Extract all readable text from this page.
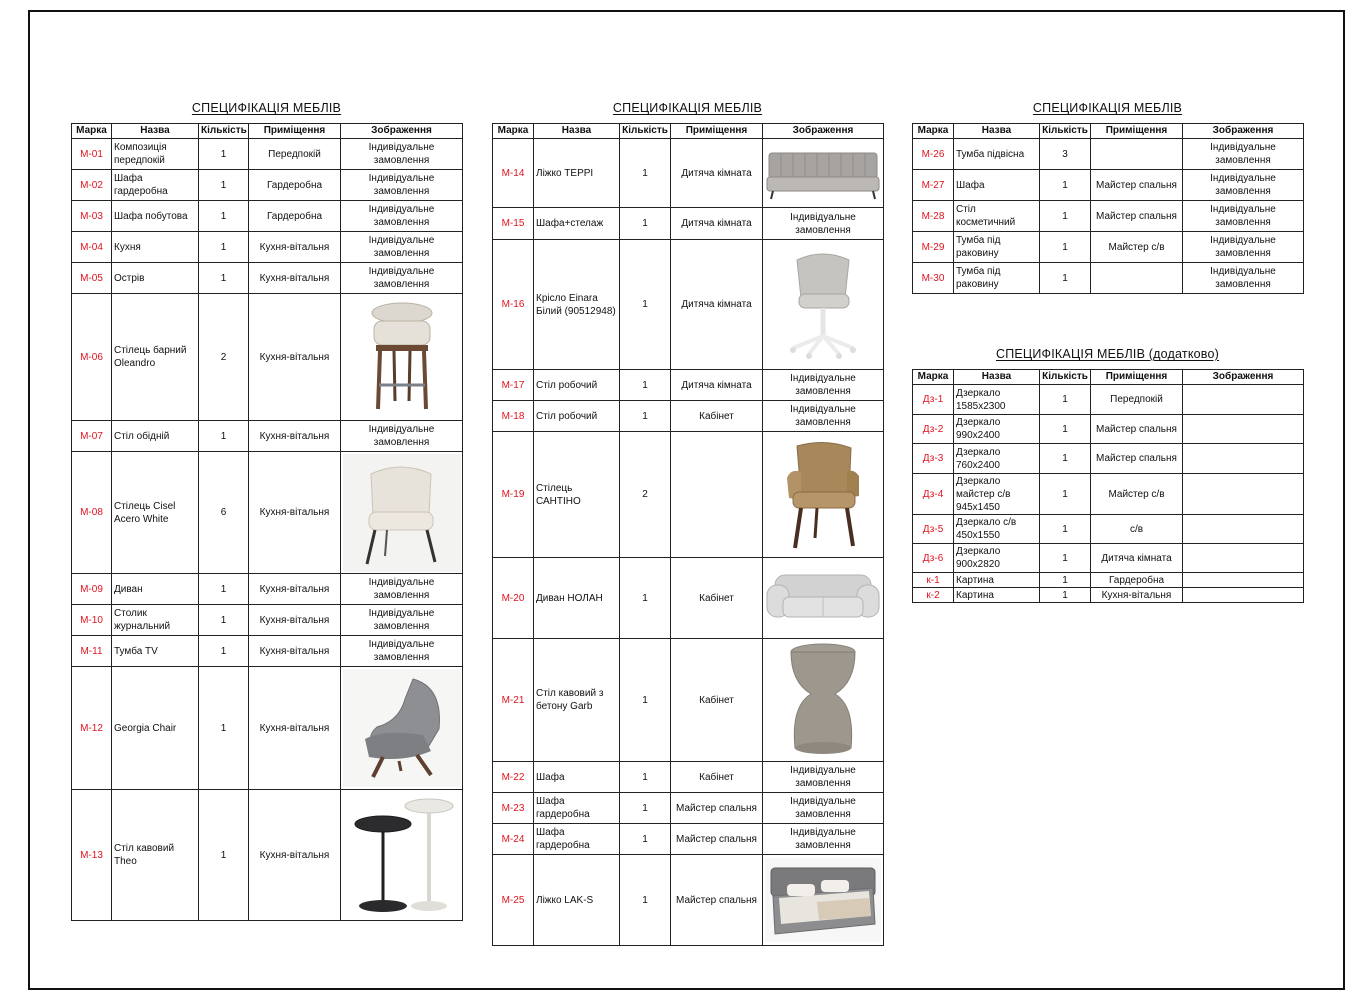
СПЕЦИФІКАЦІЯ МЕБЛІВ
Марка	Назва	Кількість	Приміщення	Зображення
М-01	Композиція передпокій	1	Передпокій	Індивідуальне замовлення
М-02	Шафа гардеробна	1	Гардеробна	Індивідуальне замовлення
М-03	Шафа побутова	1	Гардеробна	Індивідуальне замовлення
М-04	Кухня	1	Кухня-вітальня	Індивідуальне замовлення
М-05	Острів	1	Кухня-вітальня	Індивідуальне замовлення
М-06	Стілець барний Oleandro	2	Кухня-вітальня	

М-07	Стіл обідній	1	Кухня-вітальня	Індивідуальне замовлення
М-08	Стілець Cisel Acero White	6	Кухня-вітальня	

М-09	Диван	1	Кухня-вітальня	Індивідуальне замовлення
М-10	Столик журнальний	1	Кухня-вітальня	Індивідуальне замовлення
М-11	Тумба TV	1	Кухня-вітальня	Індивідуальне замовлення
М-12	Georgia Chair	1	Кухня-вітальня	

М-13	Стіл кавовий Theo	1	Кухня-вітальня	
СПЕЦИФІКАЦІЯ МЕБЛІВ
Марка	Назва	Кількість	Приміщення	Зображення
М-14	Ліжко ТЕРРІ	1	Дитяча кімната	

М-15	Шафа+стелаж	1	Дитяча кімната	Індивідуальне замовлення
М-16	Крісло Einara Білий (90512948)	1	Дитяча кімната	

М-17	Стіл робочий	1	Дитяча кімната	Індивідуальне замовлення
М-18	Стіл робочий	1	Кабінет	Індивідуальне замовлення
М-19	Стілець САНТІНО	2		

М-20	Диван НОЛАН	1	Кабінет	

М-21	Стіл кавовий з бетону Garb	1	Кабінет	

М-22	Шафа	1	Кабінет	Індивідуальне замовлення
М-23	Шафа гардеробна	1	Майстер спальня	Індивідуальне замовлення
М-24	Шафа гардеробна	1	Майстер спальня	Індивідуальне замовлення
М-25	Ліжко LAK-S	1	Майстер спальня	
СПЕЦИФІКАЦІЯ МЕБЛІВ
Марка	Назва	Кількість	Приміщення	Зображення
М-26	Тумба підвісна	3		Індивідуальне замовлення
М-27	Шафа	1	Майстер спальня	Індивідуальне замовлення
М-28	Стіл косметичний	1	Майстер спальня	Індивідуальне замовлення
М-29	Тумба під раковину	1	Майстер с/в	Індивідуальне замовлення
М-30	Тумба під раковину	1		Індивідуальне замовлення
СПЕЦИФІКАЦІЯ МЕБЛІВ (додатково)
Марка	Назва	Кількість	Приміщення	Зображення
Дз-1	Дзеркало 1585х2300	1	Передпокій	
Дз-2	Дзеркало 990х2400	1	Майстер спальня	
Дз-3	Дзеркало 760х2400	1	Майстер спальня	
Дз-4	Дзеркало майстер с/в 945х1450	1	Майстер с/в	
Дз-5	Дзеркало с/в 450х1550	1	с/в	
Дз-6	Дзеркало 900х2820	1	Дитяча кімната	
к-1	Картина	1	Гардеробна	
к-2	Картина	1	Кухня-вітальня	
